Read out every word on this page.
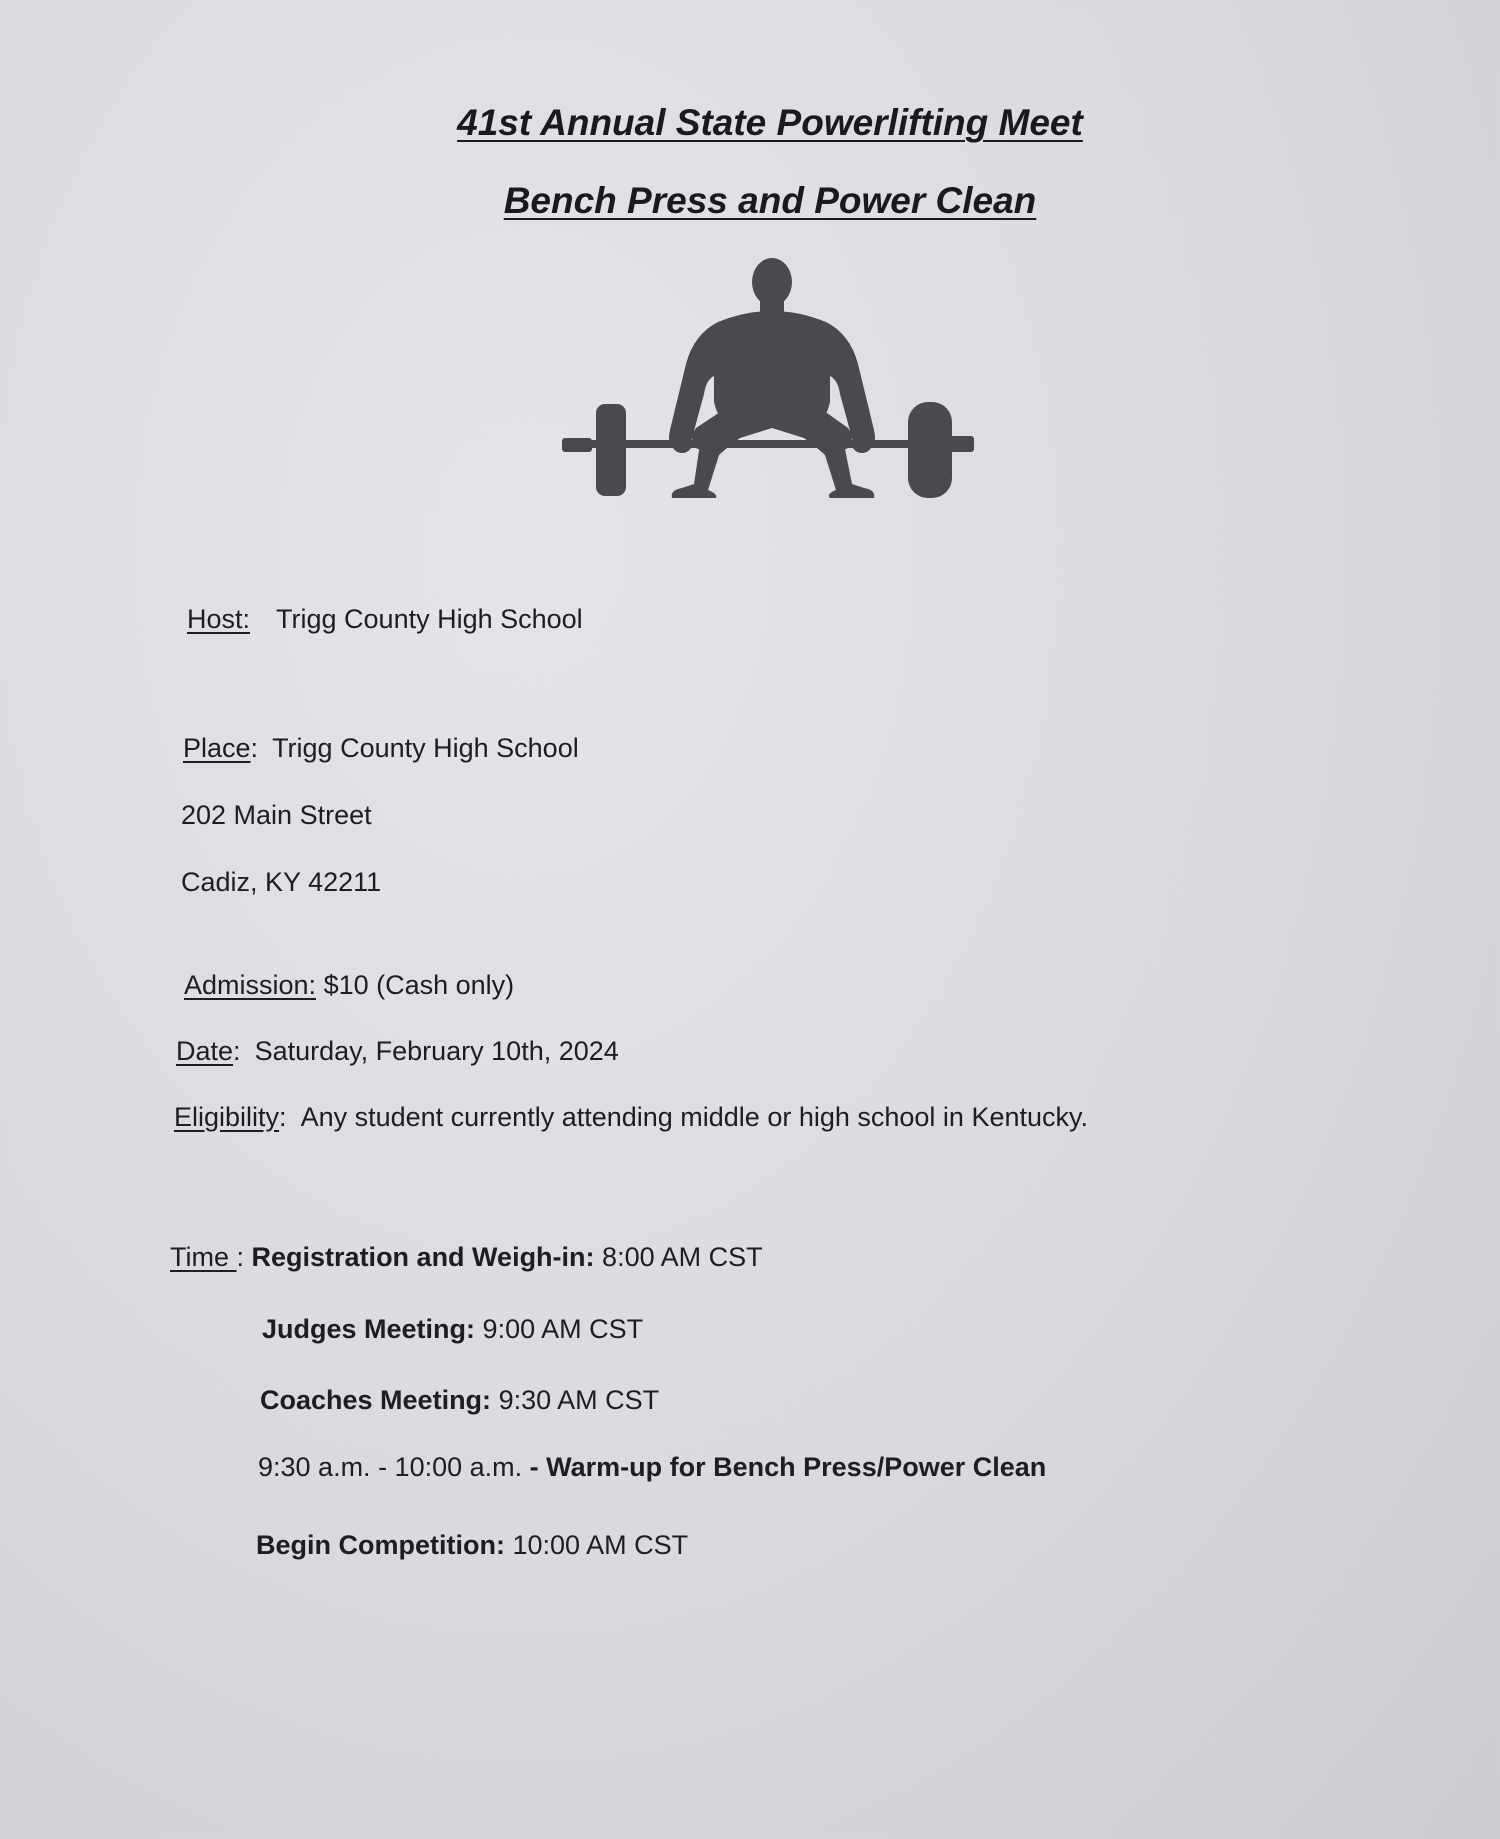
41st Annual State Powerlifting Meet
Bench Press and Power Clean
Host: Trigg County High School
Place: Trigg County High School
202 Main Street
Cadiz, KY 42211
Admission: $10 (Cash only)
Date: Saturday, February 10th, 2024
Eligibility: Any student currently attending middle or high school in Kentucky.
Time : Registration and Weigh-in: 8:00 AM CST
Judges Meeting: 9:00 AM CST
Coaches Meeting: 9:30 AM CST
9:30 a.m. - 10:00 a.m. - Warm-up for Bench Press/Power Clean
Begin Competition: 10:00 AM CST
